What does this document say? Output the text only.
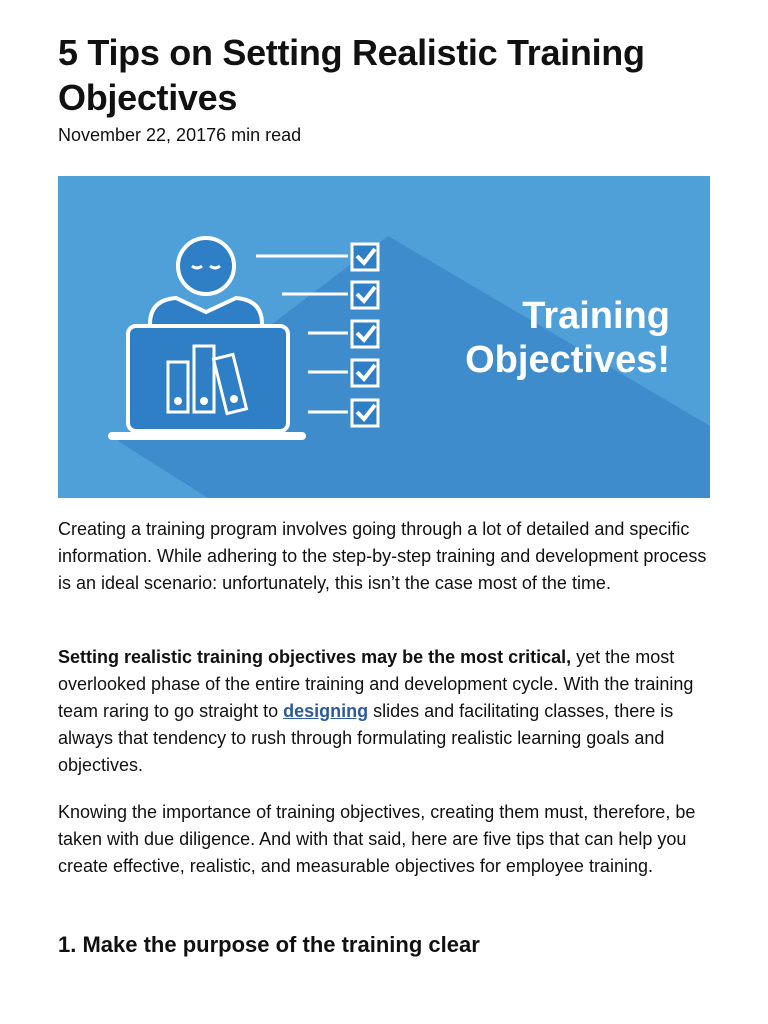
5 Tips on Setting Realistic Training Objectives
November 22, 20176 min read
Training
Objectives!

Creating a training program involves going through a lot of detailed and specific information. While adhering to the step-by-step training and development process is an ideal scenario: unfortunately, this isn’t the case most of the time.

Setting realistic training objectives may be the most critical, yet the most overlooked phase of the entire training and development cycle. With the training team raring to go straight to designing slides and facilitating classes, there is always that tendency to rush through formulating realistic learning goals and objectives.

Knowing the importance of training objectives, creating them must, therefore, be taken with due diligence. And with that said, here are five tips that can help you create effective, realistic, and measurable objectives for employee training.

1. Make the purpose of the training clear
